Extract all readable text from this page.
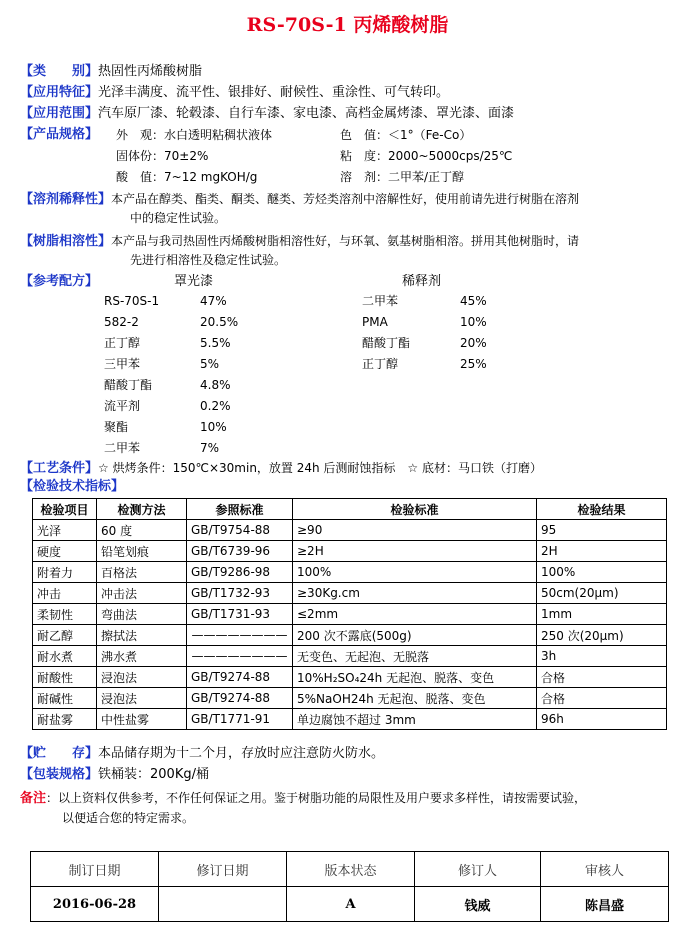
RS-70S-1 丙烯酸树脂
【类　　别】热固性丙烯酸树脂
【应用特征】光泽丰满度、流平性、银排好、耐候性、重涂性、可气转印。
【应用范围】汽车原厂漆、轮毂漆、自行车漆、家电漆、高档金属烤漆、罩光漆、面漆
【产品规格】 外　观：水白透明粘稠状液体	色　值：＜1°（Fe-Co）
固体份：70±2%	粘　度：2000~5000cps/25℃
酸　值：7~12 mgKOH/g	溶　剂：二甲苯/正丁醇
【溶剂稀释性】本产品在醇类、酯类、酮类、醚类、芳烃类溶剂中溶解性好，使用前请先进行树脂在溶剂
中的稳定性试验。
【树脂相溶性】本产品与我司热固性丙烯酸树脂相溶性好，与环氧、氨基树脂相溶。拼用其他树脂时，请
先进行相溶性及稳定性试验。
【参考配方】	罩光漆	稀释剂
RS-70S-1	47%
582-2	20.5%
正丁醇	5.5%
三甲苯	5%
醋酸丁酯	4.8%
流平剂	0.2%
聚酯	10%
二甲苯	7%
二甲苯	45%
PMA	10%
醋酸丁酯	20%
正丁醇	25%
【工艺条件】☆ 烘烤条件：150℃×30min，放置 24h 后测耐蚀指标　☆ 底材：马口铁（打磨）
【检验技术指标】
检验项目	检测方法	参照标准	检验标准	检验结果
光泽	60 度	GB/T9754-88	≥90	95
硬度	铅笔划痕	GB/T6739-96	≥2H	2H
附着力	百格法	GB/T9286-98	100%	100%
冲击	冲击法	GB/T1732-93	≥30Kg.cm	50cm(20μm)
柔韧性	弯曲法	GB/T1731-93	≤2mm	1mm
耐乙醇	擦拭法	————————	200 次不露底(500g)	250 次(20μm)
耐水煮	沸水煮	————————	无变色、无起泡、无脱落	3h
耐酸性	浸泡法	GB/T9274-88	10%H₂SO₄24h 无起泡、脱落、变色	合格
耐碱性	浸泡法	GB/T9274-88	5%NaOH24h 无起泡、脱落、变色	合格
耐盐雾	中性盐雾	GB/T1771-91	单边腐蚀不超过 3mm	96h
【贮　　存】本品储存期为十二个月，存放时应注意防火防水。
【包装规格】铁桶装：200Kg/桶
备注：以上资料仅供参考，不作任何保证之用。鉴于树脂功能的局限性及用户要求多样性，请按需要试验，
以便适合您的特定需求。
制订日期	修订日期	版本状态	修订人	审核人
2016-06-28		A	钱威	陈昌盛
